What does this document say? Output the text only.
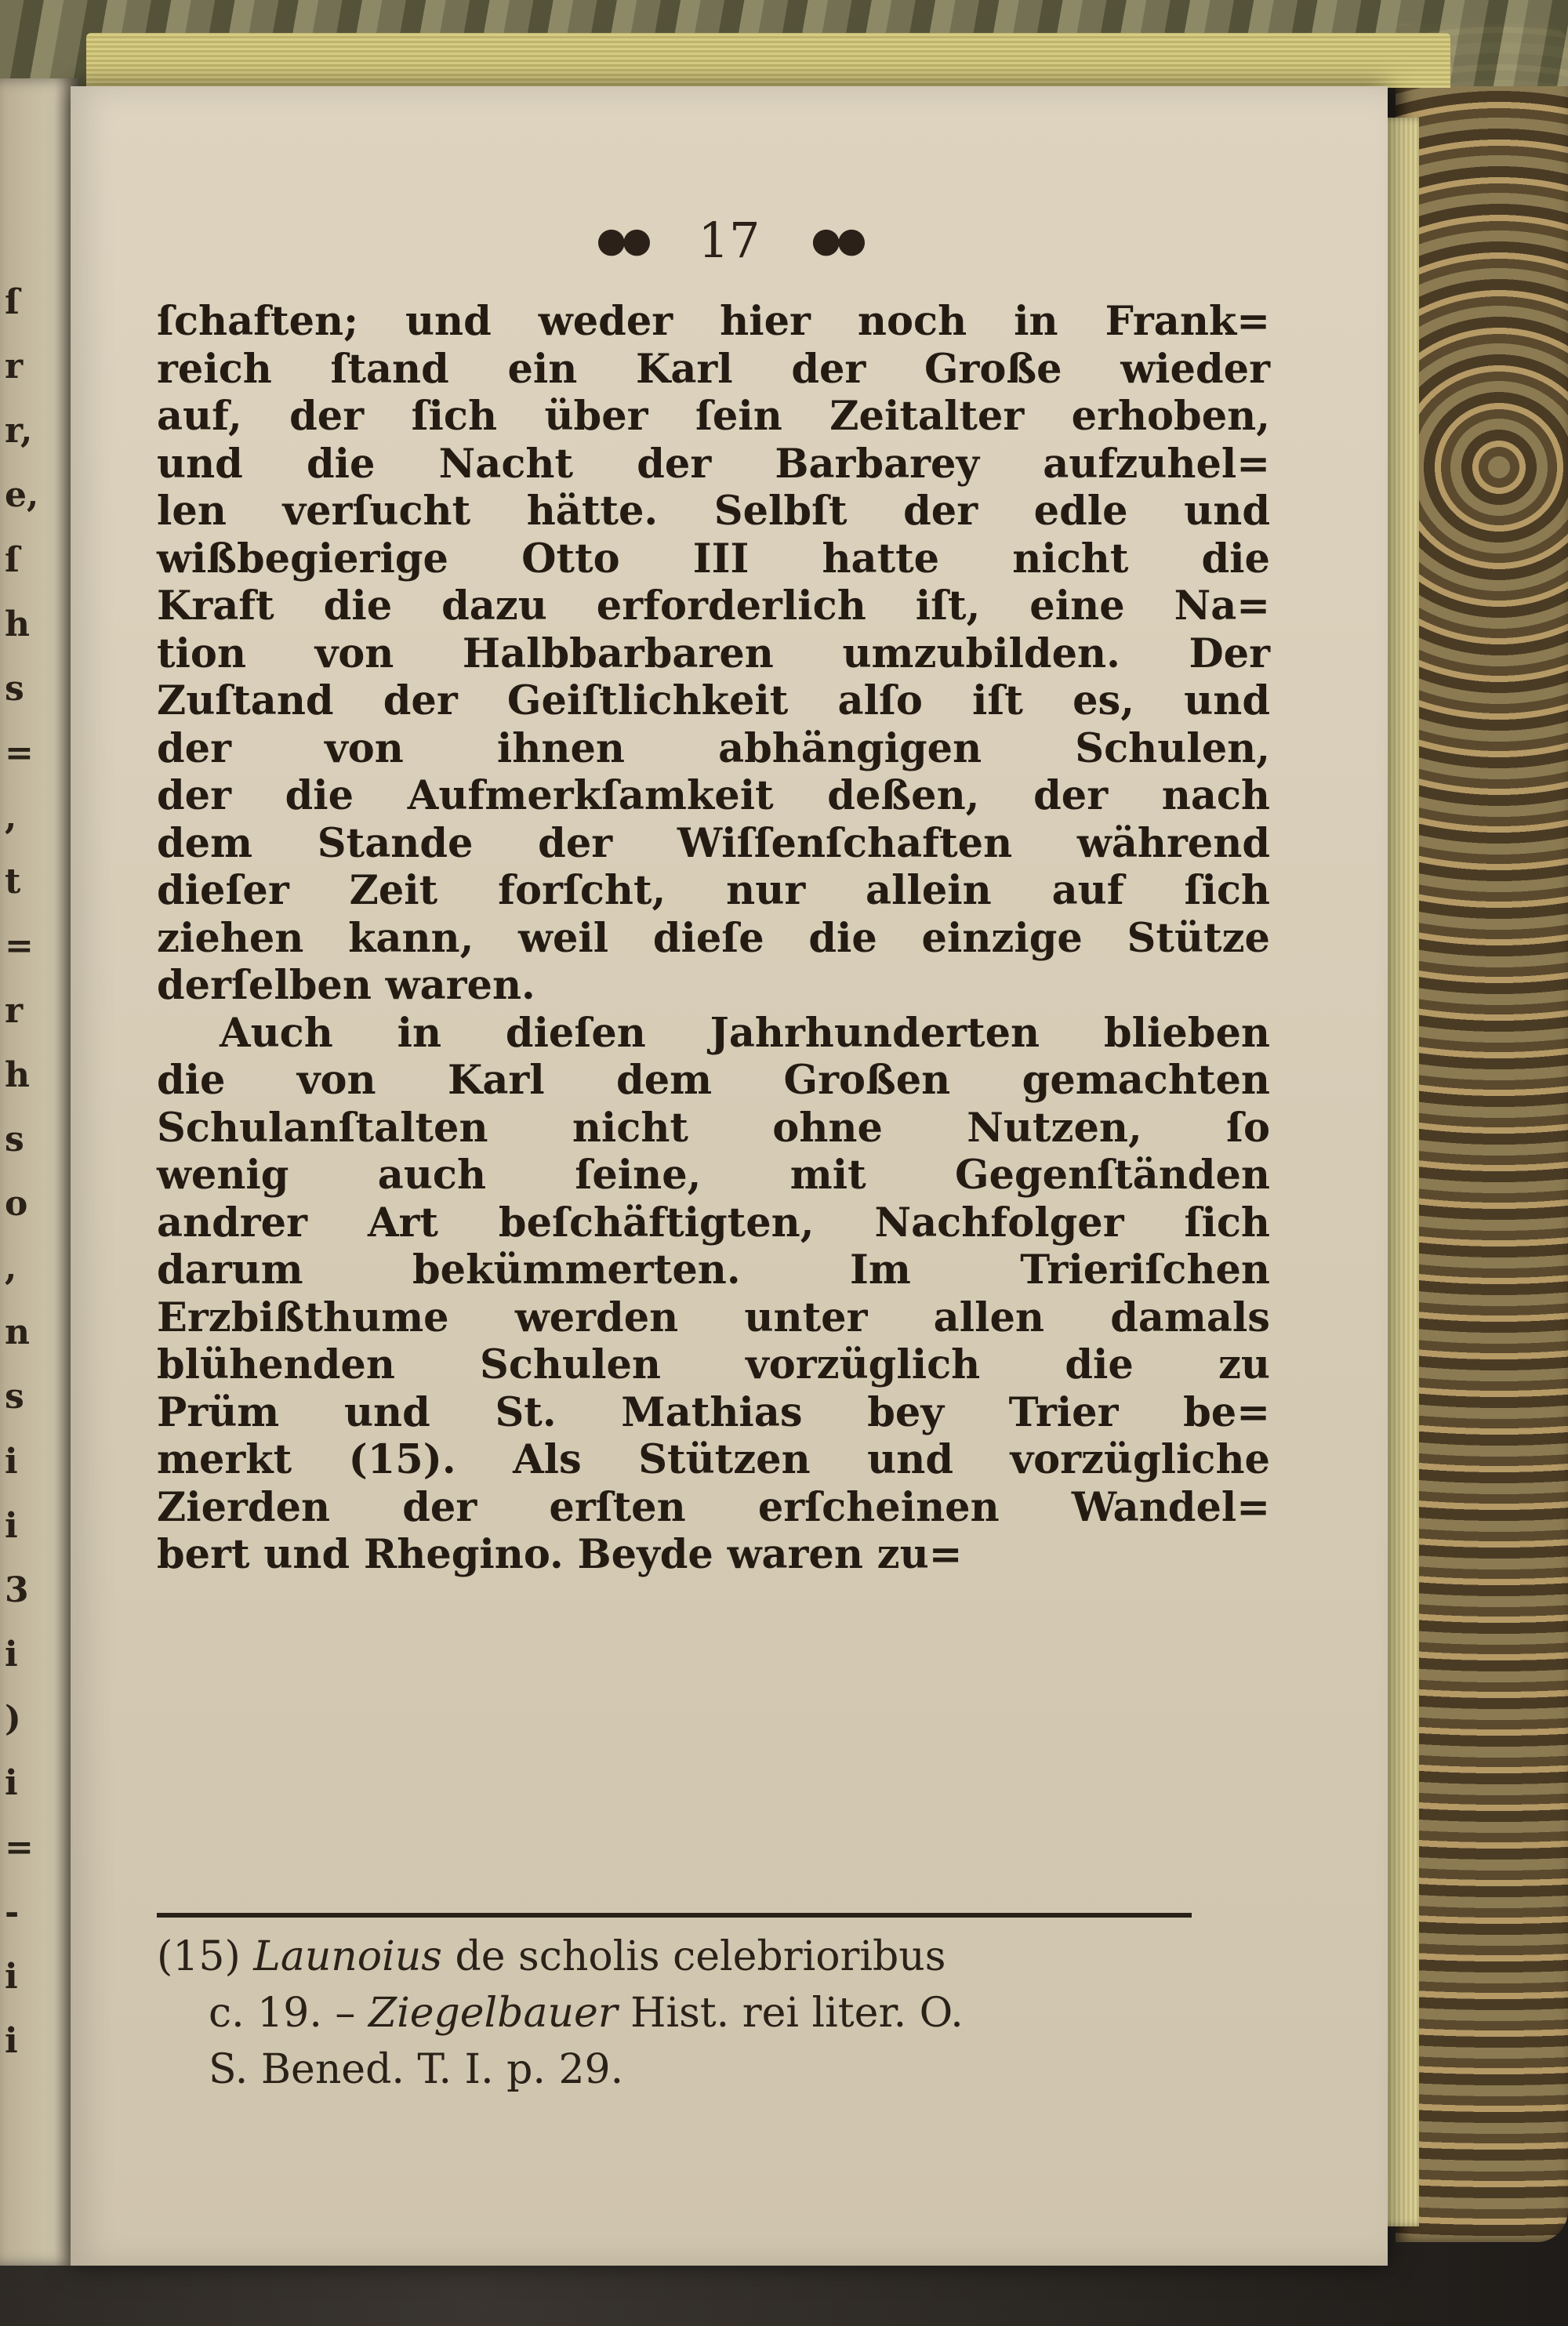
ſ
r
r,
e,
ſ
h
s
=
,
t
=
r
h
s
o
,
n
s
i
i
3
i
)
i
=
-
i
i
●● 17 ●●
ſchaften; und weder hier noch in Frank=
reich ſtand ein Karl der Große wieder
auf, der ſich über ſein Zeitalter erhoben,
und die Nacht der Barbarey aufzuhel=
len verſucht hätte. Selbſt der edle und
wißbegierige Otto III hatte nicht die
Kraft die dazu erforderlich iſt, eine Na=
tion von Halbbarbaren umzubilden. Der
Zuſtand der Geiſtlichkeit alſo iſt es, und
der von ihnen abhängigen Schulen,
der die Aufmerkſamkeit deßen, der nach
dem Stande der Wiſſenſchaften während
dieſer Zeit forſcht, nur allein auf ſich
ziehen kann, weil dieſe die einzige Stütze
derſelben waren.
Auch in dieſen Jahrhunderten blieben
die von Karl dem Großen gemachten
Schulanſtalten nicht ohne Nutzen, ſo
wenig auch ſeine, mit Gegenſtänden
andrer Art beſchäftigten, Nachfolger ſich
darum bekümmerten. Im Trieriſchen
Erzbißthume werden unter allen damals
blühenden Schulen vorzüglich die zu
Prüm und St. Mathias bey Trier be=
merkt (15). Als Stützen und vorzügliche
Zierden der erſten erſcheinen Wandel=
bert und Rhegino. Beyde waren zu=
(15) Launoius de scholis celebrioribus
c. 19. – Ziegelbauer Hist. rei liter. O.
S. Bened. T. I. p. 29.
